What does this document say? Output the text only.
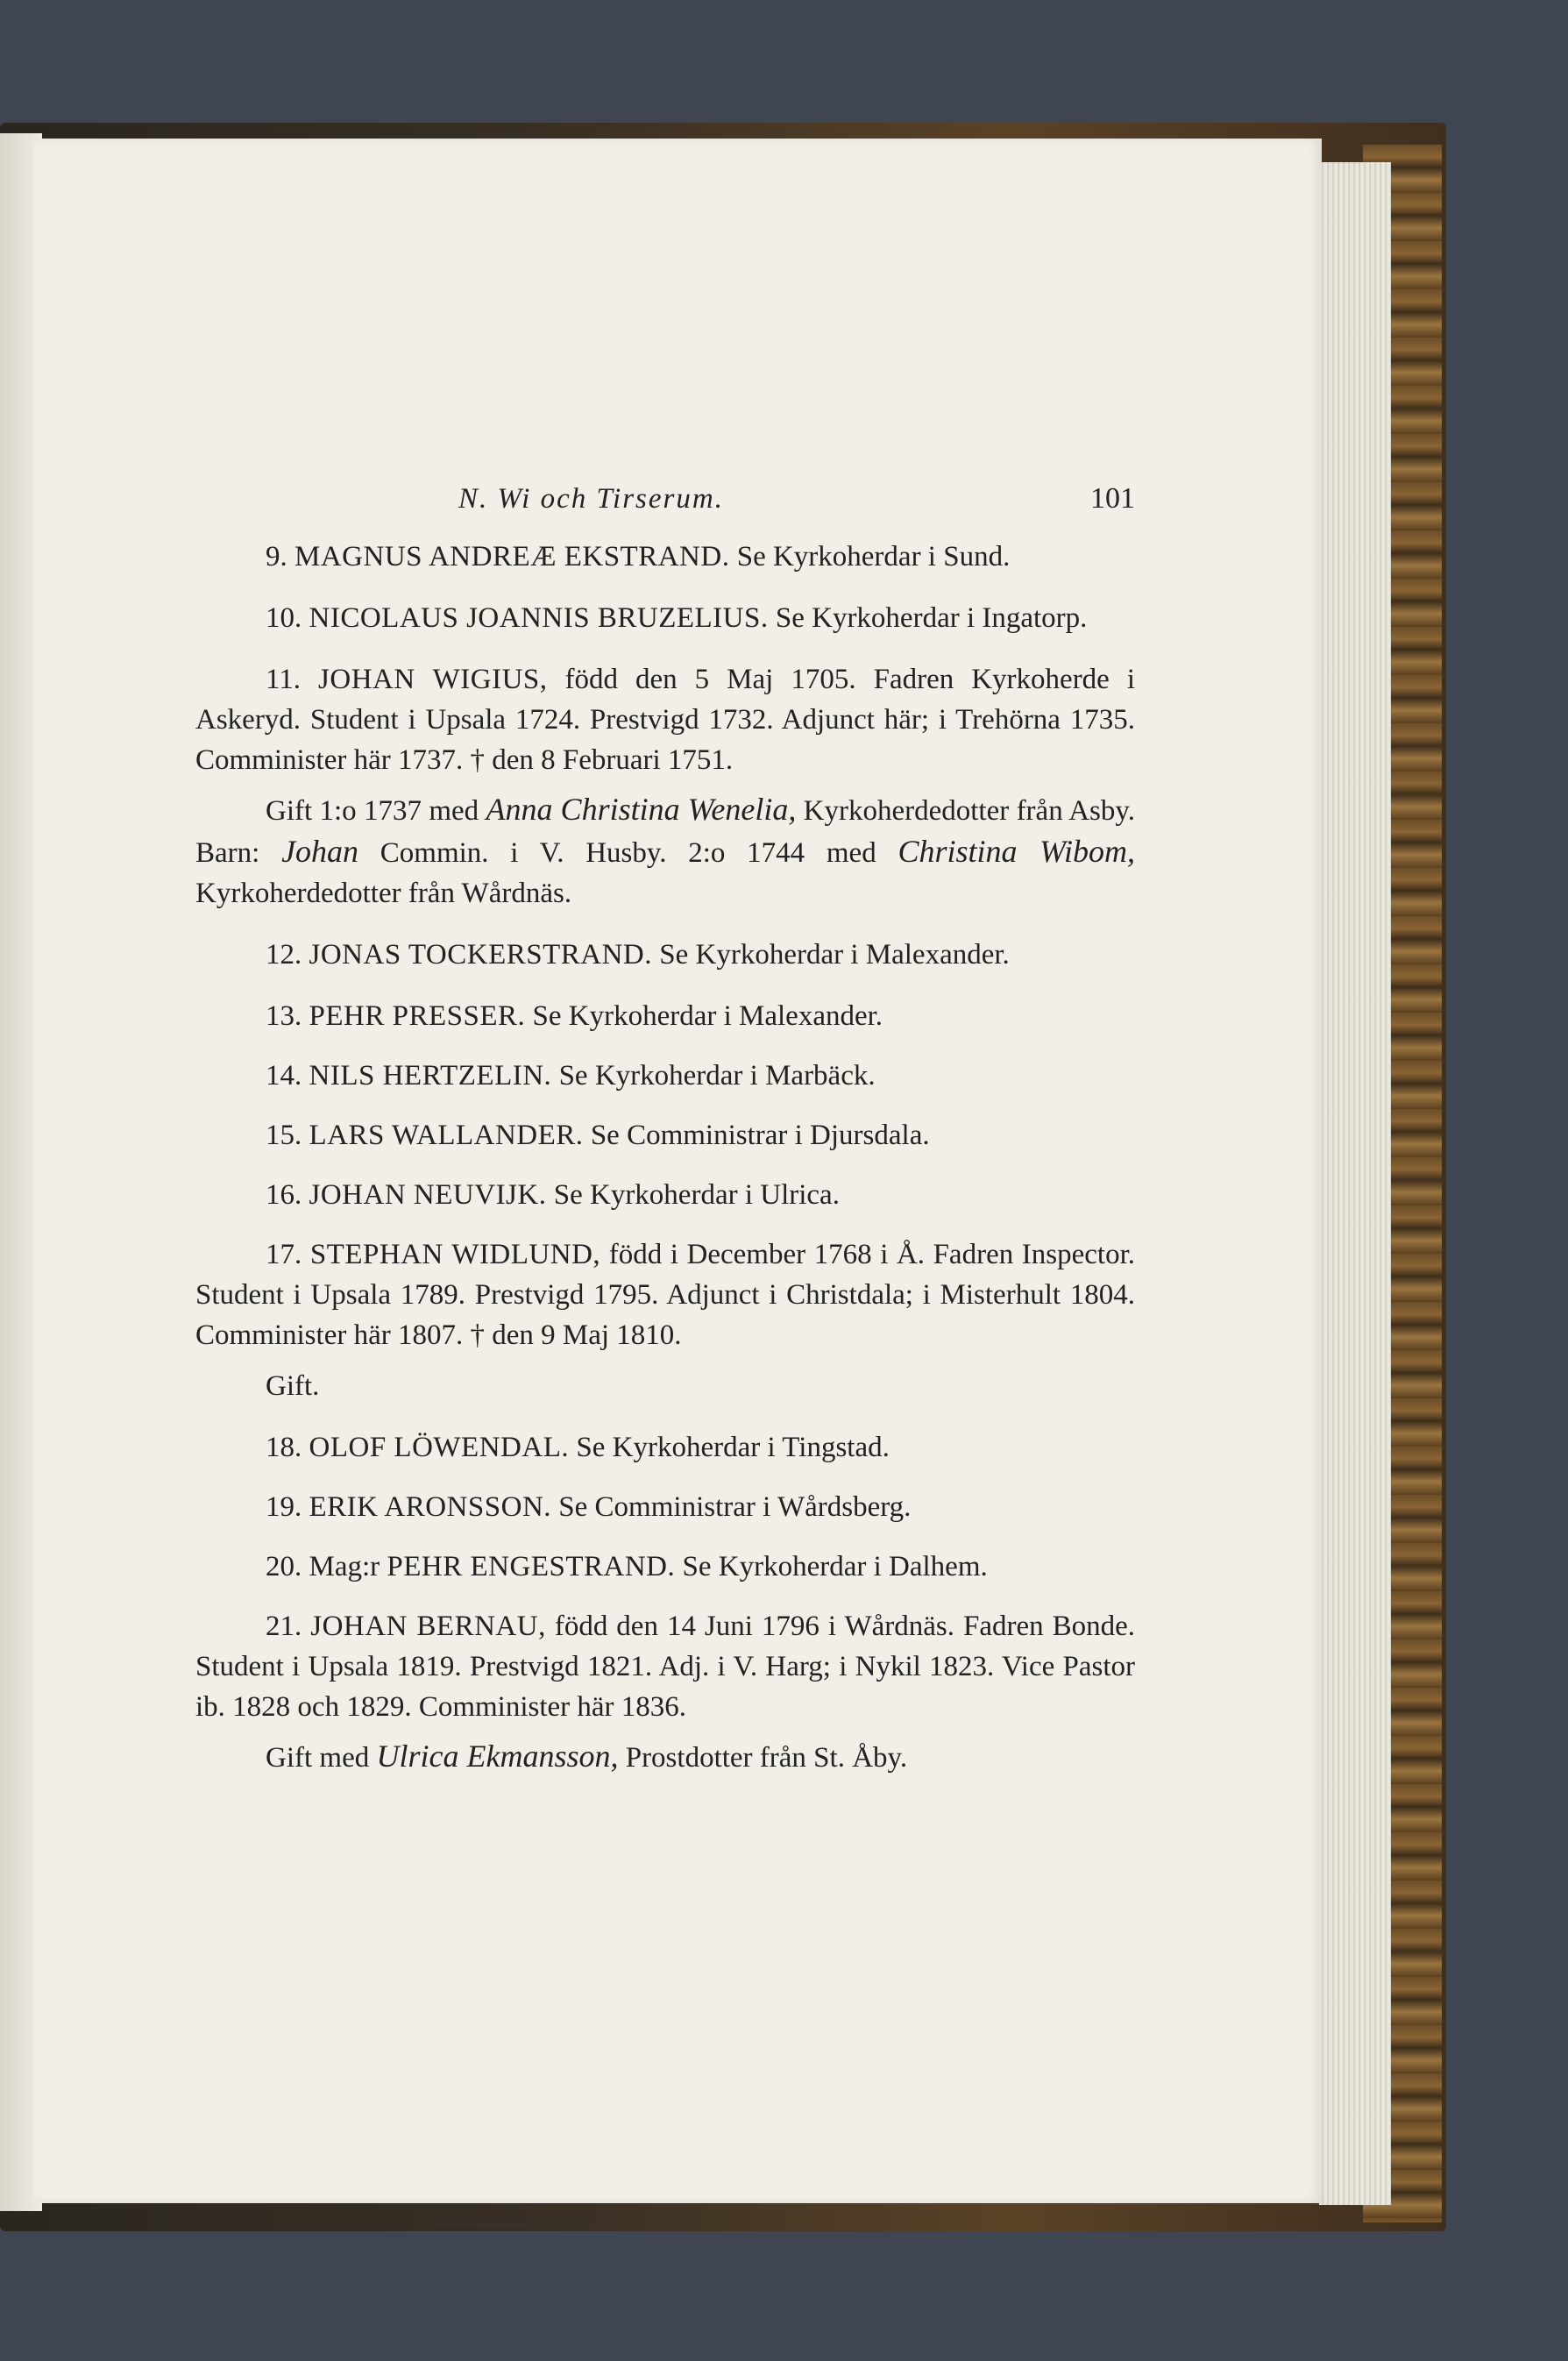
N. Wi och Tirserum.	101
9. MAGNUS ANDREÆ EKSTRAND. Se Kyrkoherdar i Sund.
10. NICOLAUS JOANNIS BRUZELIUS. Se Kyrkoherdar i Ingatorp.
11. JOHAN WIGIUS, född den 5 Maj 1705. Fadren Kyrkoherde i Askeryd. Student i Upsala 1724. Prestvigd 1732. Adjunct här; i Trehörna 1735. Comminister här 1737. † den 8 Februari 1751.
Gift 1:o 1737 med Anna Christina Wenelia, Kyrkoherdedotter från Asby. Barn: Johan Commin. i V. Husby. 2:o 1744 med Christina Wibom, Kyrkoherdedotter från Wårdnäs.
12. JONAS TOCKERSTRAND. Se Kyrkoherdar i Malexander.
13. PEHR PRESSER. Se Kyrkoherdar i Malexander.
14. NILS HERTZELIN. Se Kyrkoherdar i Marbäck.
15. LARS WALLANDER. Se Comministrar i Djursdala.
16. JOHAN NEUVIJK. Se Kyrkoherdar i Ulrica.
17. STEPHAN WIDLUND, född i December 1768 i Å. Fadren Inspector. Student i Upsala 1789. Prestvigd 1795. Adjunct i Christdala; i Misterhult 1804. Comminister här 1807. † den 9 Maj 1810.
Gift.
18. OLOF LÖWENDAL. Se Kyrkoherdar i Tingstad.
19. ERIK ARONSSON. Se Comministrar i Wårdsberg.
20. Mag:r PEHR ENGESTRAND. Se Kyrkoherdar i Dalhem.
21. JOHAN BERNAU, född den 14 Juni 1796 i Wårdnäs. Fadren Bonde. Student i Upsala 1819. Prestvigd 1821. Adj. i V. Harg; i Nykil 1823. Vice Pastor ib. 1828 och 1829. Comminister här 1836.
Gift med Ulrica Ekmansson, Prostdotter från St. Åby.
